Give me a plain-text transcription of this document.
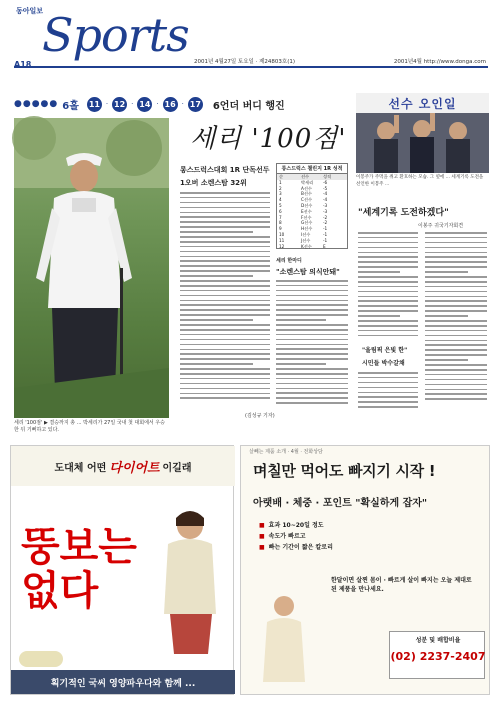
동아일보
Sports
A18	2001년 4월27일 토요일 · 제24803호(1)	2001년4월 http://www.donga.com
●●●●● 6홀 11 · 12 · 14 · 16 · 17 6언더 버디 행진
세리 '100점' ▶ 결승까지 총 ... 박세리가 27일 국내 첫 대회에서 우승한 뒤 기뻐하고 있다.
세리 '100점'
롱스드럭스대회 1R 단독선두
1오버 소렌스탐 32위
(김성규 기자)
롱스드럭스 챌린지 1R 성적
순	선수	성적
1	박세리	-6
2	A선수	-5
3	B선수	-4
4	C선수	-4
5	D선수	-3
6	E선수	-3
7	F선수	-2
8	G선수	-2
9	H선수	-1
10	I선수	-1
11	J선수	-1
12	K선수	E
세리 한마디
"소렌스탐 의식안돼"
선수 오인일
이봉주가 주먹을 쥐고 환호하는 모습. 그 옆에 ... 세계기록 도전을 선언한 이봉주 ...
"세계기록 도전하겠다"
이봉주 귀국기자회견
"올림픽 은빛 한"
시민들 박수갈채
도대체 어떤 다이어트 이길래
뚱보는
없다
획기적인 국씨 영양파우다와 함께 ...
살빼는 제품 소개 · 4월 · 전화상담
며칠만 먹어도 빠지기 시작 !
아랫배 · 체중 · 포인트 "확실하게 잡자"
■ 효과 10~20일 정도
■ 속도가 빠르고
■ 빠는 기간이 짧은 칼로리
한달이면 살찐 몸이 · 빠르게 살이 빠지는 오늘 제대로된 제품을 만나세요.
성분 및 배합비율
(02) 2237-2407
